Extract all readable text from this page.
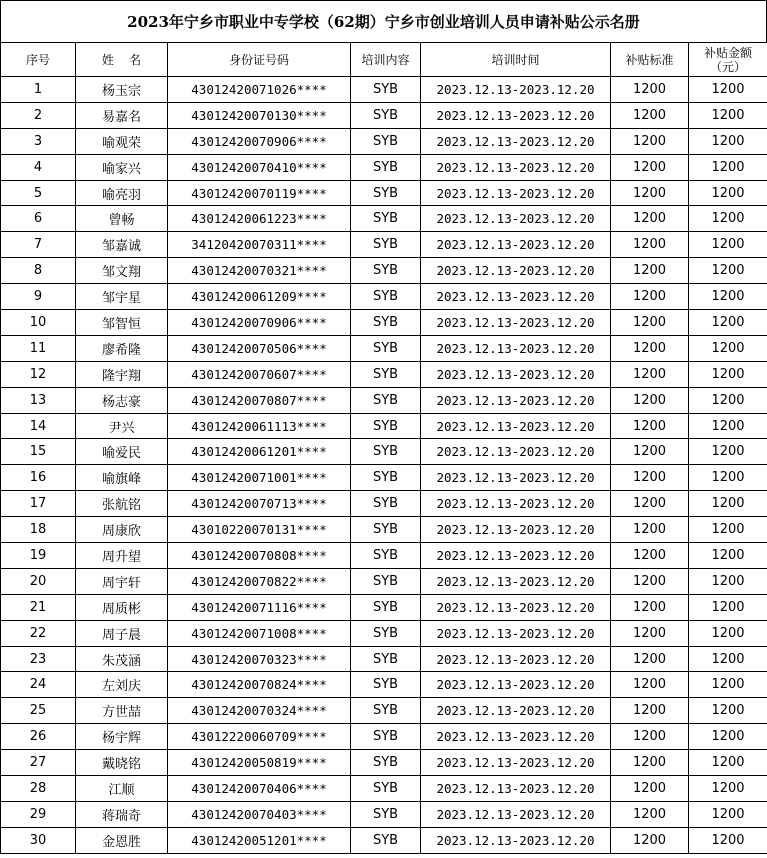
2023年宁乡市职业中专学校（62期）宁乡市创业培训人员申请补贴公示名册
序号	姓    名	身份证号码	培训内容	培训时间	补贴标准	补贴金额
（元）

1	杨玉宗	43012420071026****	SYB	2023.12.13-2023.12.20	1200	1200
2	易嘉名	43012420070130****	SYB	2023.12.13-2023.12.20	1200	1200
3	喻观荣	43012420070906****	SYB	2023.12.13-2023.12.20	1200	1200
4	喻家兴	43012420070410****	SYB	2023.12.13-2023.12.20	1200	1200
5	喻亮羽	43012420070119****	SYB	2023.12.13-2023.12.20	1200	1200
6	曾畅	43012420061223****	SYB	2023.12.13-2023.12.20	1200	1200
7	邹嘉诚	34120420070311****	SYB	2023.12.13-2023.12.20	1200	1200
8	邹文翔	43012420070321****	SYB	2023.12.13-2023.12.20	1200	1200
9	邹宇星	43012420061209****	SYB	2023.12.13-2023.12.20	1200	1200
10	邹智恒	43012420070906****	SYB	2023.12.13-2023.12.20	1200	1200
11	廖希隆	43012420070506****	SYB	2023.12.13-2023.12.20	1200	1200
12	隆宇翔	43012420070607****	SYB	2023.12.13-2023.12.20	1200	1200
13	杨志豪	43012420070807****	SYB	2023.12.13-2023.12.20	1200	1200
14	尹兴	43012420061113****	SYB	2023.12.13-2023.12.20	1200	1200
15	喻爱民	43012420061201****	SYB	2023.12.13-2023.12.20	1200	1200
16	喻旗峰	43012420071001****	SYB	2023.12.13-2023.12.20	1200	1200
17	张航铭	43012420070713****	SYB	2023.12.13-2023.12.20	1200	1200
18	周康欣	43010220070131****	SYB	2023.12.13-2023.12.20	1200	1200
19	周升望	43012420070808****	SYB	2023.12.13-2023.12.20	1200	1200
20	周宇轩	43012420070822****	SYB	2023.12.13-2023.12.20	1200	1200
21	周质彬	43012420071116****	SYB	2023.12.13-2023.12.20	1200	1200
22	周子晨	43012420071008****	SYB	2023.12.13-2023.12.20	1200	1200
23	朱茂涵	43012420070323****	SYB	2023.12.13-2023.12.20	1200	1200
24	左刘庆	43012420070824****	SYB	2023.12.13-2023.12.20	1200	1200
25	方世喆	43012420070324****	SYB	2023.12.13-2023.12.20	1200	1200
26	杨宇辉	43012220060709****	SYB	2023.12.13-2023.12.20	1200	1200
27	戴晓铭	43012420050819****	SYB	2023.12.13-2023.12.20	1200	1200
28	江顺	43012420070406****	SYB	2023.12.13-2023.12.20	1200	1200
29	蒋瑞奇	43012420070403****	SYB	2023.12.13-2023.12.20	1200	1200
30	金恩胜	43012420051201****	SYB	2023.12.13-2023.12.20	1200	1200
